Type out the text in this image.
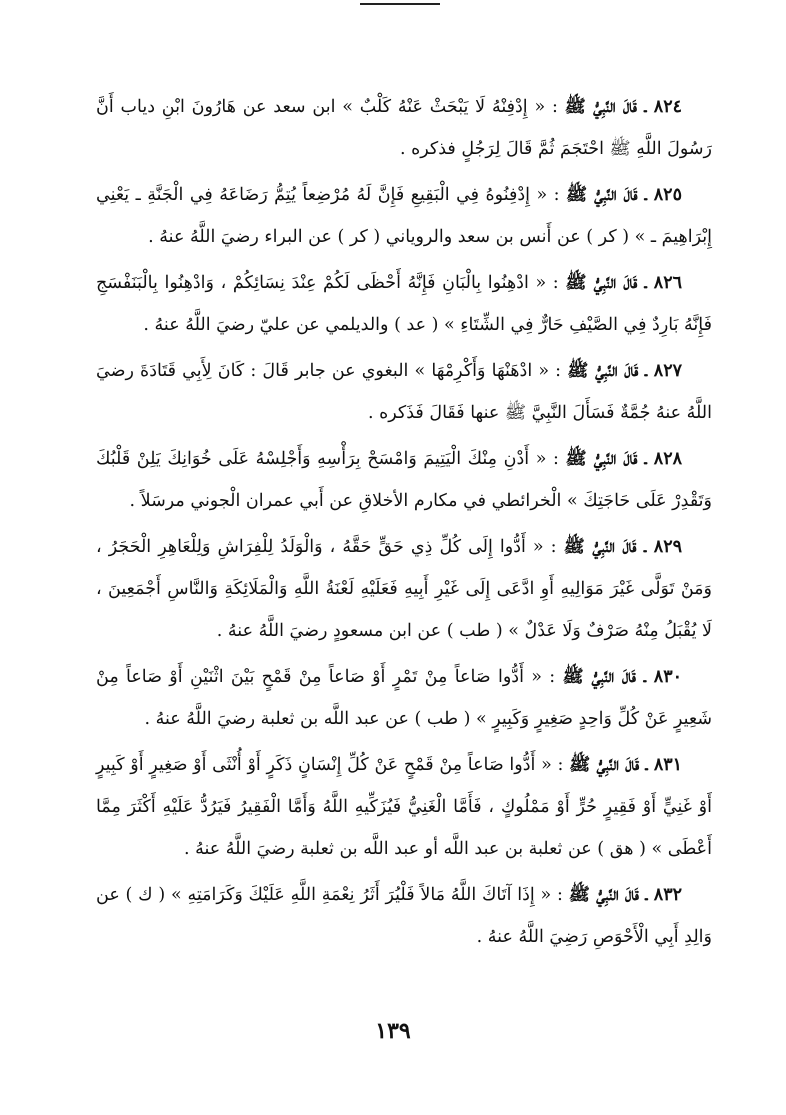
٨٢٤ ـ قَالَ النَّبِيُّ ﷺ : « إِدْفِنْهُ لَا يَبْحَثْ عَنْهُ كَلْبٌ » ابن سعد عن هَارُونَ ابْنِ دياب أَنَّ رَسُولَ اللَّهِ ﷺ احْتَجَمَ ثُمَّ قَالَ لِرَجُلٍ فذكره .

٨٢٥ ـ قَالَ النَّبِيُّ ﷺ : « إِدْفِنُوهُ فِي الْبَقِيعِ فَإِنَّ لَهُ مُرْضِعاً يُتِمُّ رَضَاعَهُ فِي الْجَنَّةِ ـ يَعْنِي إِبْرَاهِيمَ ـ » ( كر ) عن أَنس بن سعد والروياني ( كر ) عن البراء رضيَ اللَّهُ عنهُ .

٨٢٦ ـ قَالَ النَّبِيُّ ﷺ : « ادْهِنُوا بِالْبَانِ فَإِنَّهُ أَحْظَى لَكُمْ عِنْدَ نِسَائِكُمْ ، وَادْهِنُوا بِالْبَنَفْسَجِ فَإِنَّهُ بَارِدٌ فِي الصَّيْفِ حَارٌّ فِي الشِّتَاءِ » ( عد ) والديلمي عن عليّ رضيَ اللَّهُ عنهُ .

٨٢٧ ـ قَالَ النَّبِيُّ ﷺ : « ادْهَنْهَا وَأَكْرِمْهَا » البغوي عن جابر قَالَ : كَانَ لِأَبِي قَتَادَةَ رضيَ اللَّهُ عنهُ جُمَّةٌ فَسَأَلَ النَّبِيَّ ﷺ عنها فَقَالَ فَذَكره .

٨٢٨ ـ قَالَ النَّبِيُّ ﷺ : « أَدْنِ مِنْكَ الْيَتِيمَ وَامْسَحْ بِرَأْسِهِ وَأَجْلِسْهُ عَلَى خُوَانِكَ يَلِنْ قَلْبُكَ وَتَقْدِرْ عَلَى حَاجَتِكَ » الْخرائطي في مكارم الأخلاقِ عن أَبي عمران الْجوني مرسَلاً .

٨٢٩ ـ قَالَ النَّبِيُّ ﷺ : « أَدُّوا إِلَى كُلِّ ذِي حَقٍّ حَقَّهُ ، وَالْوَلَدُ لِلْفِرَاشِ وَلِلْعَاهِرِ الْحَجَرُ ، وَمَنْ تَوَلَّى غَيْرَ مَوَالِيهِ أَوِ ادَّعَى إِلَى غَيْرِ أَبِيهِ فَعَلَيْهِ لَعْنَةُ اللَّهِ وَالْمَلَائِكَةِ وَالنَّاسِ أَجْمَعِينَ ، لَا يُقْبَلُ مِنْهُ صَرْفٌ وَلَا عَدْلٌ » ( طب ) عن ابن مسعودٍ رضيَ اللَّهُ عنهُ .

٨٣٠ ـ قَالَ النَّبِيُّ ﷺ : « أَدُّوا صَاعاً مِنْ تَمْرٍ أَوْ صَاعاً مِنْ قَمْحٍ بَيْنَ اثْنَيْنِ أَوْ صَاعاً مِنْ شَعِيرٍ عَنْ كُلِّ وَاحِدٍ صَغِيرٍ وَكَبِيرٍ » ( طب ) عن عبد اللَّه بن ثعلبة رضيَ اللَّهُ عنهُ .

٨٣١ ـ قَالَ النَّبِيُّ ﷺ : « أَدُّوا صَاعاً مِنْ قَمْحٍ عَنْ كُلِّ إِنْسَانٍ ذَكَرٍ أَوْ أُنْثَى أَوْ صَغِيرٍ أَوْ كَبِيرٍ أَوْ غَنِيٍّ أَوْ فَقِيرٍ حُرٍّ أَوْ مَمْلُوكٍ ، فَأَمَّا الْغَنِيُّ فَيُزَكِّيهِ اللَّهُ وَأَمَّا الْفَقِيرُ فَيَرُدُّ عَلَيْهِ أَكْثَرَ مِمَّا أَعْطَى » ( هق ) عن ثعلبة بن عبد اللَّه أو عبد اللَّه بن ثعلبة رضيَ اللَّهُ عنهُ .

٨٣٢ ـ قَالَ النَّبِيُّ ﷺ : « إِذَا آتَاكَ اللَّهُ مَالاً فَلْيُرَ أَثَرُ نِعْمَةِ اللَّهِ عَلَيْكَ وَكَرَامَتِهِ » ( ك ) عن وَالِدِ أَبِي الْأَحْوَصِ رَضِيَ اللَّهُ عنهُ .

١٣٩
